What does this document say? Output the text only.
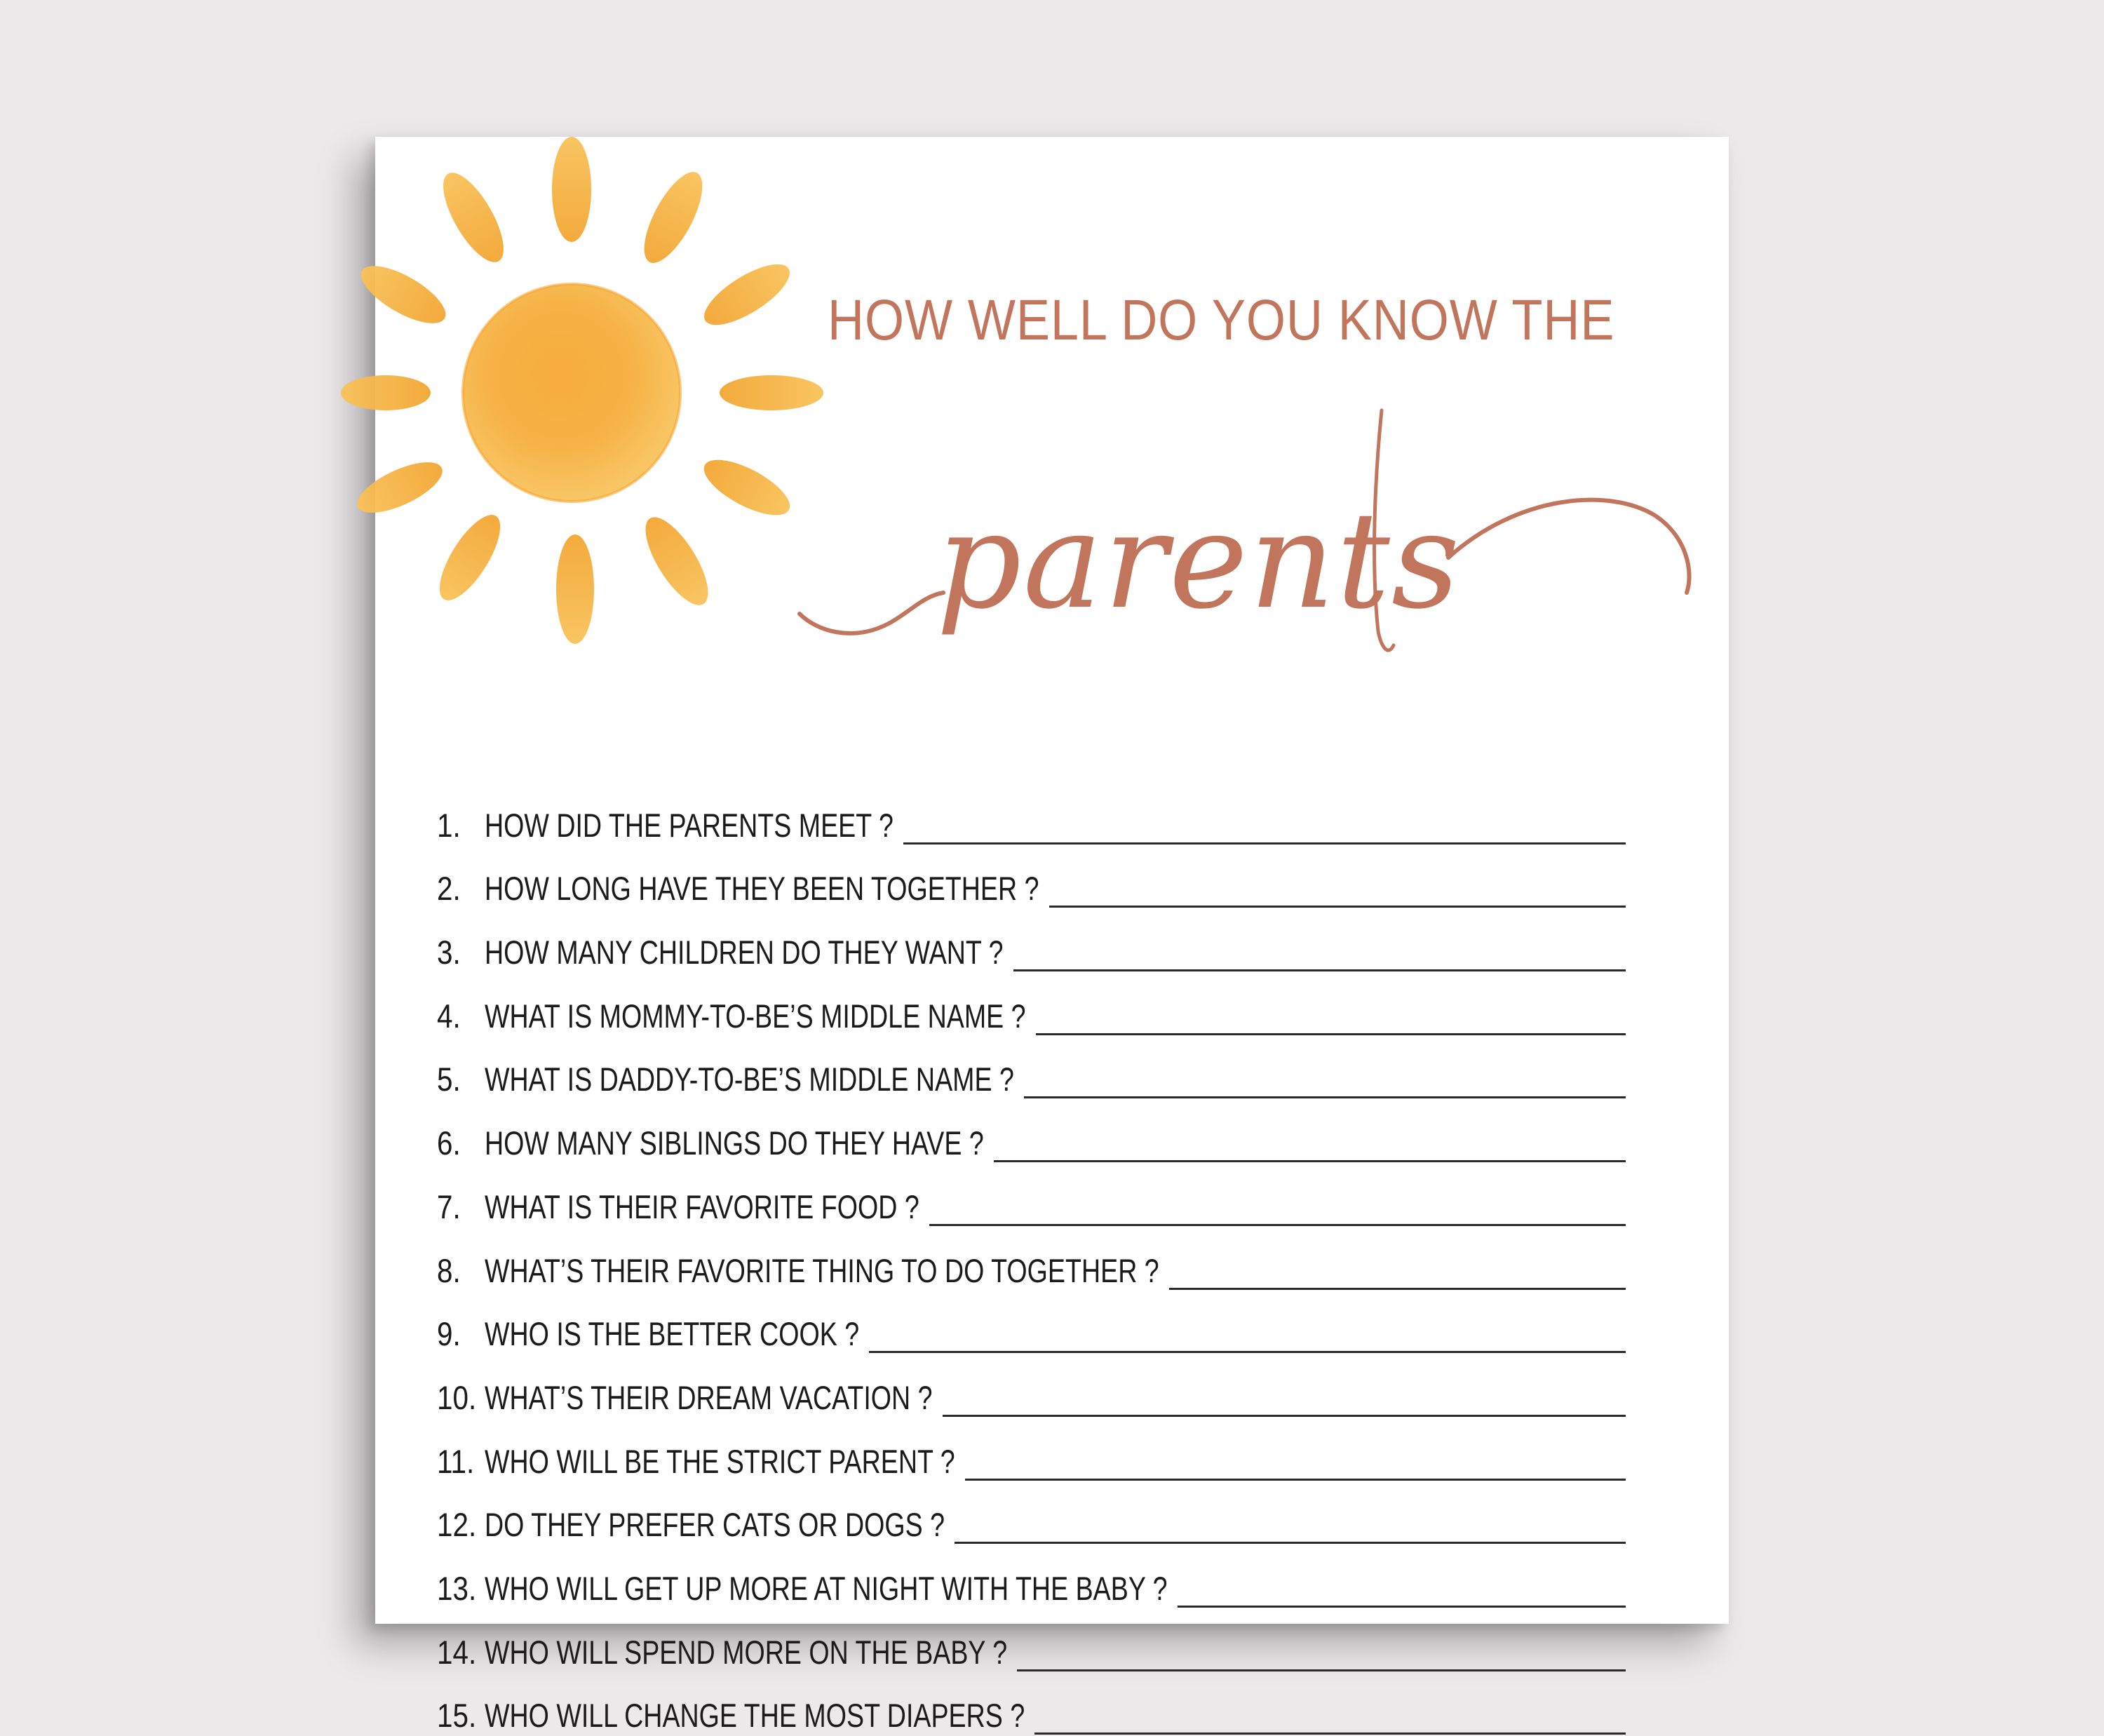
HOW WELL DO YOU KNOW THE
parents
1. HOW DID THE PARENTS MEET ?
2. HOW LONG HAVE THEY BEEN TOGETHER ?
3. HOW MANY CHILDREN DO THEY WANT ?
4. WHAT IS MOMMY-TO-BE’S MIDDLE NAME ?
5. WHAT IS DADDY-TO-BE’S MIDDLE NAME ?
6. HOW MANY SIBLINGS DO THEY HAVE ?
7. WHAT IS THEIR FAVORITE FOOD ?
8. WHAT’S THEIR FAVORITE THING TO DO TOGETHER ?
9. WHO IS THE BETTER COOK ?
10. WHAT’S THEIR DREAM VACATION ?
11. WHO WILL BE THE STRICT PARENT ?
12. DO THEY PREFER CATS OR DOGS ?
13. WHO WILL GET UP MORE AT NIGHT WITH THE BABY ?
14. WHO WILL SPEND MORE ON THE BABY ?
15. WHO WILL CHANGE THE MOST DIAPERS ?
